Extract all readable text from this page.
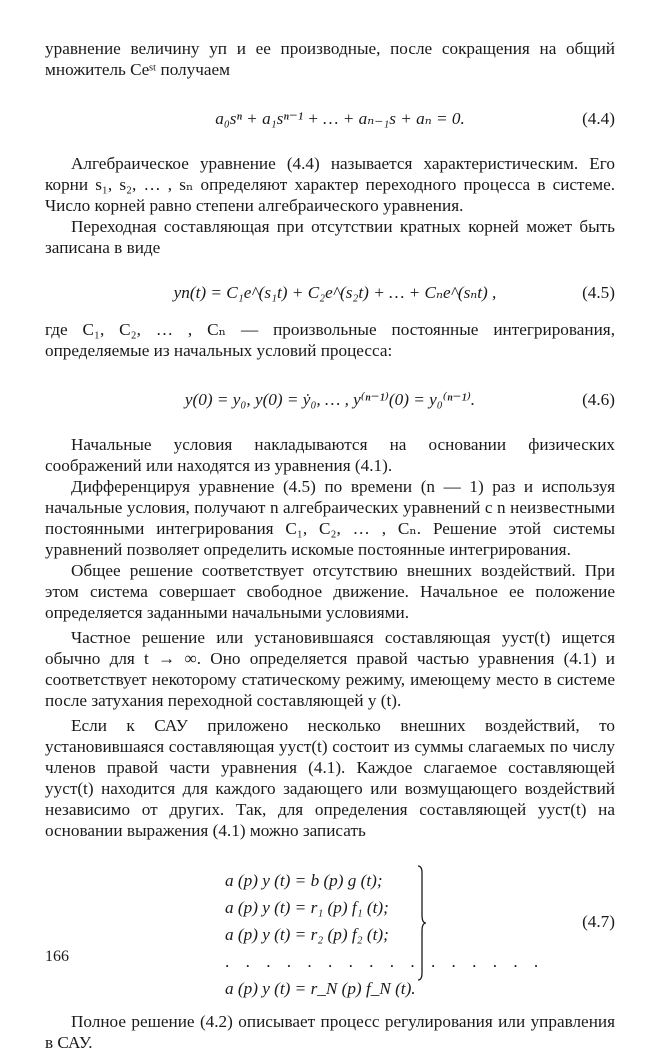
уравнение величину yп и ее производные, после сокращения на общий множитель Ceˢᵗ получаем

a₀sⁿ + a₁sⁿ⁻¹ + … + aₙ₋₁s + aₙ = 0.	(4.4)

Алгебраическое уравнение (4.4) называется характеристическим. Его корни s₁, s₂, … , sₙ определяют характер переходного процесса в системе. Число корней равно степени алгебраического уравнения.

Переходная составляющая при отсутствии кратных корней может быть записана в виде

yп(t) = C₁e^(s₁t) + C₂e^(s₂t) + … + Cₙe^(sₙt) ,	(4.5)

где C₁, C₂, … , Cₙ — произвольные постоянные интегрирования, определяемые из начальных условий процесса:

y(0) = y₀, y(0) = ẏ₀, … , y⁽ⁿ⁻¹⁾(0) = y₀⁽ⁿ⁻¹⁾.	(4.6)

Начальные условия накладываются на основании физических соображений или находятся из уравнения (4.1).

Дифференцируя уравнение (4.5) по времени (n — 1) раз и используя начальные условия, получают n алгебраических уравнений с n неизвестными постоянными интегрирования C₁, C₂, … , Cₙ. Решение этой системы уравнений позволяет определить искомые постоянные интегрирования.

Общее решение соответствует отсутствию внешних воздействий. При этом система совершает свободное движение. Начальное ее положение определяется заданными начальными условиями.

Частное решение или установившаяся составляющая yуст(t) ищется обычно для t → ∞. Оно определяется правой частью уравнения (4.1) и соответствует некоторому статическому режиму, имеющему место в системе после затухания переходной составляющей y (t).

Если к САУ приложено несколько внешних воздействий, то установившаяся составляющая yуст(t) состоит из суммы слагаемых по числу членов правой части уравнения (4.1). Каждое слагаемое составляющей yуст(t) находится для каждого задающего или возмущающего воздействий независимо от других. Так, для определения составляющей yуст(t) на основании выражения (4.1) можно записать

a (p) y (t) = b (p) g (t);
a (p) y (t) = r₁ (p) f₁ (t);
a (p) y (t) = r₂ (p) f₂ (t);
. . . . . . . . . . . . . . . .
a (p) y (t) = r_N (p) f_N (t).
(4.7)

Полное решение (4.2) описывает процесс регулирования или управления в САУ.

166
